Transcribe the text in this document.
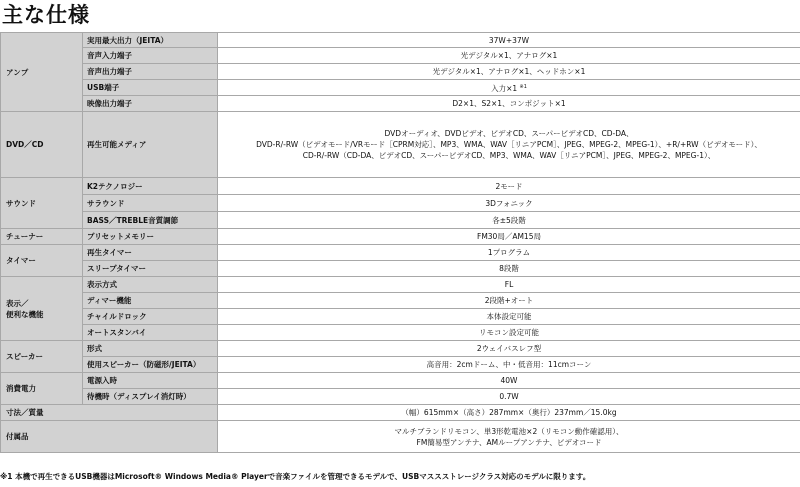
主な仕様
アンプ	実用最大出力（JEITA）	37W+37W

	音声入力端子	光デジタル×1、アナログ×1

	音声出力端子	光デジタル×1、アナログ×1、ヘッドホン×1

	USB端子	入力×1 $^{※1}$

	映像出力端子	D2×1、S2×1、コンポジット×1

DVD／CD	再生可能メディア	DVDオーディオ、DVDビデオ、ビデオCD、スーパービデオCD、CD-DA、
DVD-R/-RW（ビデオモード/VRモード［CPRM対応］、MP3、WMA、WAV［リニアPCM］、JPEG、MPEG-2、MPEG-1）、+R/+RW（ビデオモード）、
CD-R/-RW（CD-DA、ビデオCD、スーパービデオCD、MP3、WMA、WAV［リニアPCM］、JPEG、MPEG-2、MPEG-1）、

サウンド	K2テクノロジー	2モード

	サラウンド	3Dフォニック

	BASS／TREBLE音質調節	各±5段階

チューナー	プリセットメモリー	FM30局／AM15局

タイマー	再生タイマー	1プログラム

	スリープタイマー	8段階

表示／
便利な機能	表示方式	FL

	ディマー機能	2段階+オート

	チャイルドロック	本体設定可能

	オートスタンバイ	リモコン設定可能

スピーカー	形式	2ウェイバスレフ型

	使用スピーカー（防磁形/JEITA）	高音用：2cmドーム、中・低音用：11cmコーン

消費電力	電源入時	40W

	待機時（ディスプレイ消灯時）	0.7W

寸法／質量		（幅）615mm×（高さ）287mm×（奥行）237mm／15.0kg

付属品		マルチブランドリモコン、単3形乾電池×2（リモコン動作確認用）、
FM簡易型アンテナ、AMループアンテナ、ビデオコード

※1 本機で再生できるUSB機器はMicrosoft® Windows Media® Playerで音楽ファイルを管理できるモデルで、USBマススストレージクラス対応のモデルに限ります。
